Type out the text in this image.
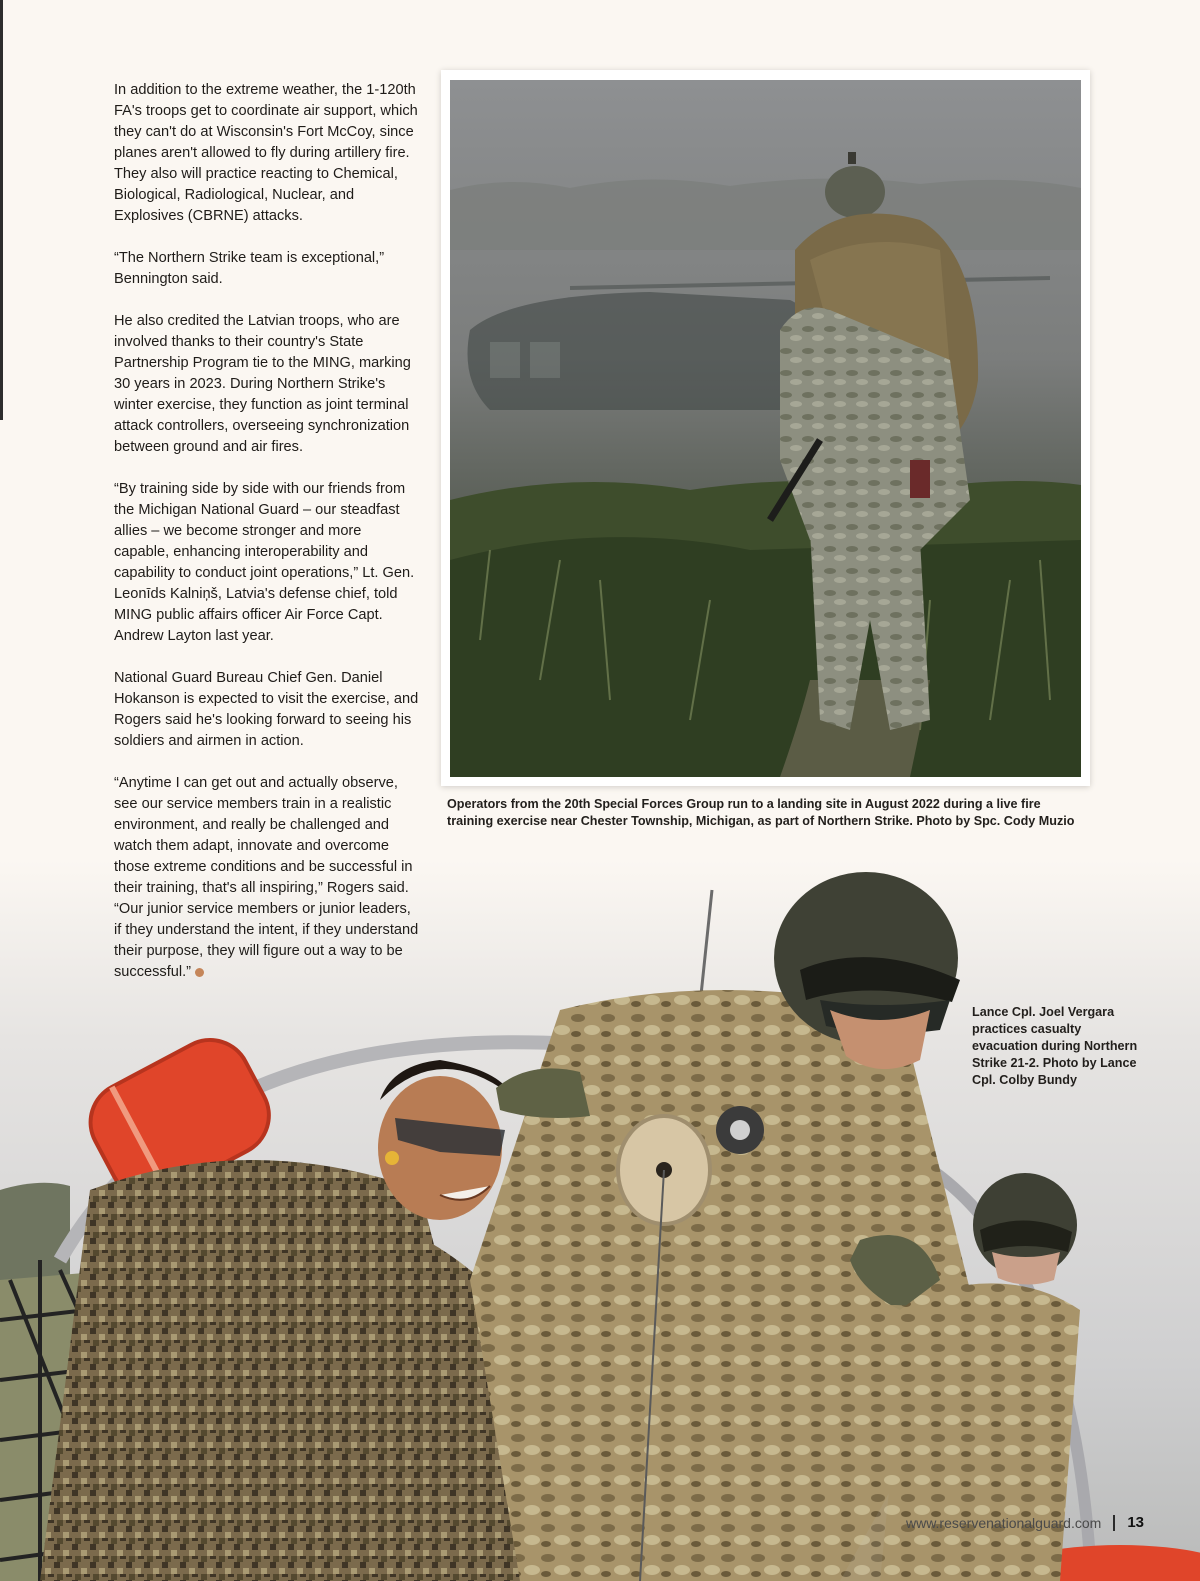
In addition to the extreme weather, the 1-120th FA's troops get to coordinate air support, which they can't do at Wisconsin's Fort McCoy, since planes aren't allowed to fly during artillery fire. They also will practice reacting to Chemical, Biological, Radiological, Nuclear, and Explosives (CBRNE) attacks.

“The Northern Strike team is exceptional,” Bennington said.

He also credited the Latvian troops, who are involved thanks to their country's State Partnership Program tie to the MING, marking 30 years in 2023. During Northern Strike's winter exercise, they function as joint terminal attack controllers, overseeing synchronization between ground and air fires.

“By training side by side with our friends from the Michigan National Guard – our steadfast allies – we become stronger and more capable, enhancing interoperability and capability to conduct joint operations,” Lt. Gen. Leonīds Kalniņš, Latvia's defense chief, told MING public affairs officer Air Force Capt. Andrew Layton last year.

National Guard Bureau Chief Gen. Daniel Hokanson is expected to visit the exercise, and Rogers said he's looking forward to seeing his soldiers and airmen in action.

“Anytime I can get out and actually observe, see our service members train in a realistic environment, and really be challenged and watch them adapt, innovate and overcome those extreme conditions and be successful in their training, that's all inspiring,” Rogers said. “Our junior service members or junior leaders, if they understand the intent, if they understand their purpose, they will figure out a way to be successful.”

Operators from the 20th Special Forces Group run to a landing site in August 2022 during a live fire training exercise near Chester Township, Michigan, as part of Northern Strike. Photo by Spc. Cody Muzio
Lance Cpl. Joel Vergara practices casualty evacuation during Northern Strike 21-2. Photo by Lance Cpl. Colby Bundy
www.reservenationalguard.com 13
